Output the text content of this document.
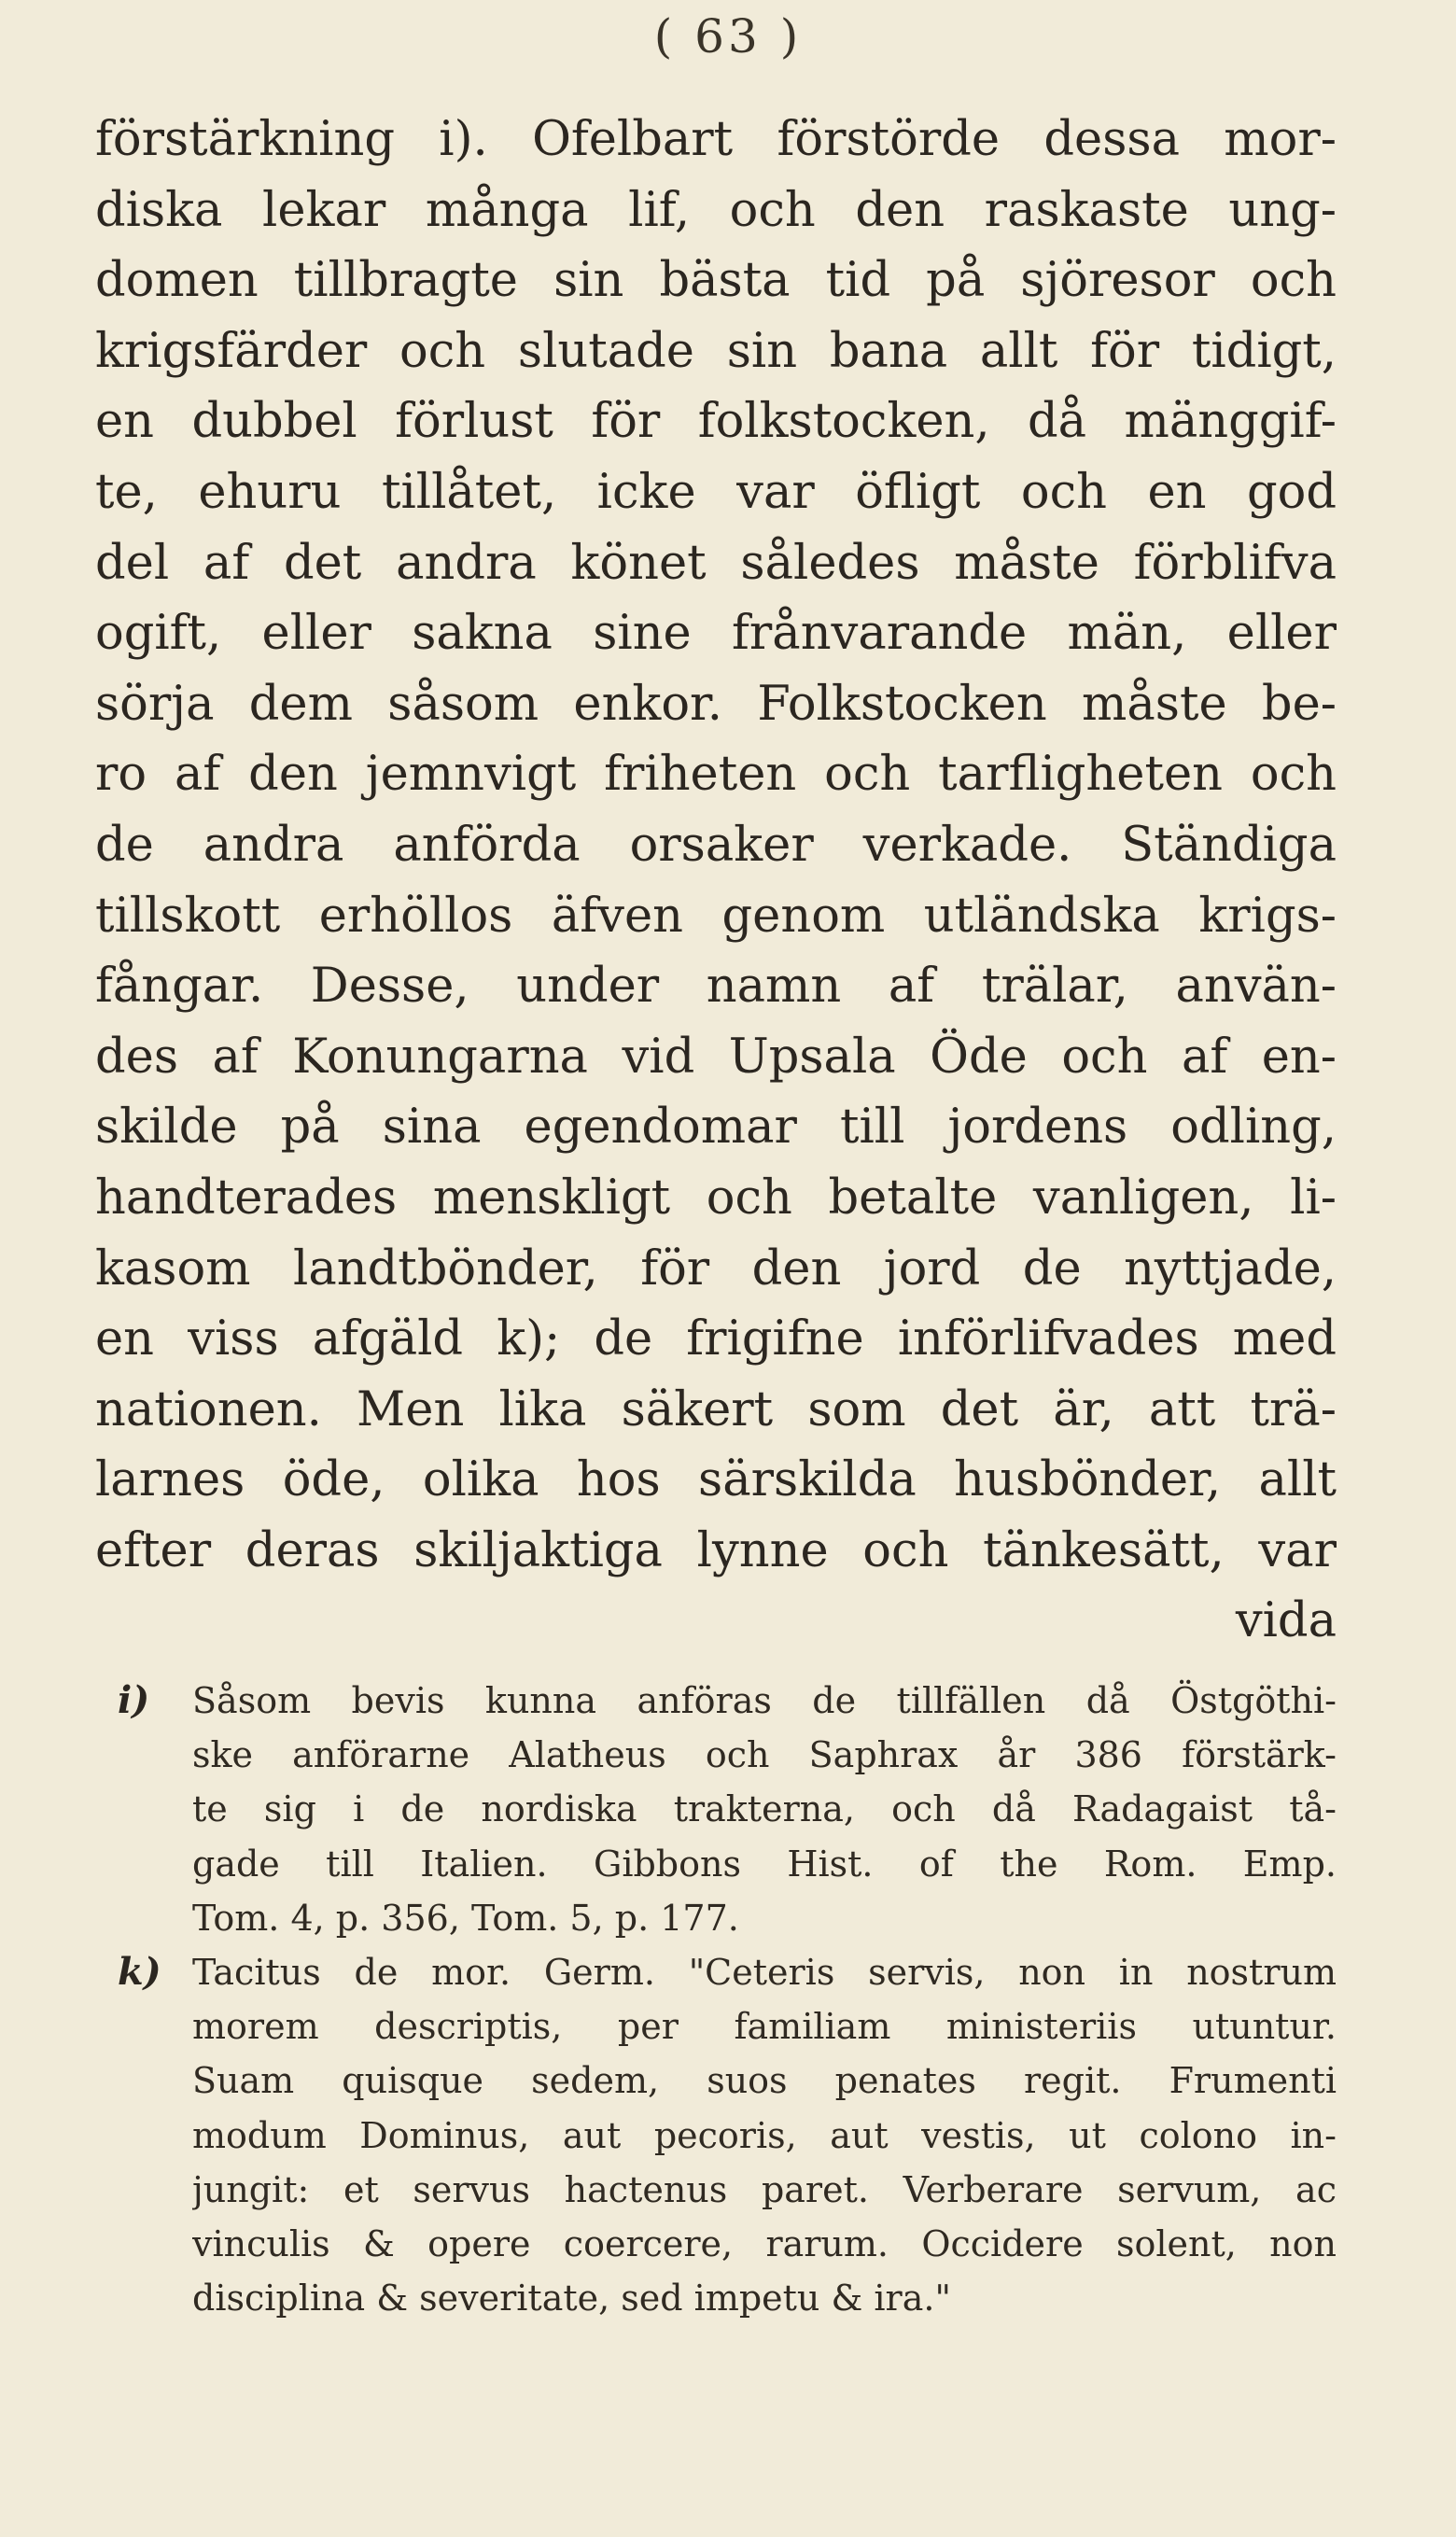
( 63 )
förstärkning i). Ofelbart förstörde dessa mor-
diska lekar många lif, och den raskaste ung-
domen tillbragte sin bästa tid på sjöresor och
krigsfärder och slutade sin bana allt för tidigt,
en dubbel förlust för folkstocken, då mänggif-
te, ehuru tillåtet, icke var öfligt och en god
del af det andra könet således måste förblifva
ogift, eller sakna sine frånvarande män, eller
sörja dem såsom enkor. Folkstocken måste be-
ro af den jemnvigt friheten och tarfligheten och
de andra anförda orsaker verkade. Ständiga
tillskott erhöllos äfven genom utländska krigs-
fångar. Desse, under namn af trälar, använ-
des af Konungarna vid Upsala Öde och af en-
skilde på sina egendomar till jordens odling,
handterades menskligt och betalte vanligen, li-
kasom landtbönder, för den jord de nyttjade,
en viss afgäld k); de frigifne införlifvades med
nationen. Men lika säkert som det är, att trä-
larnes öde, olika hos särskilda husbönder, allt
efter deras skiljaktiga lynne och tänkesätt, var
vida
i) Såsom bevis kunna anföras de tillfällen då Östgöthi-
ske anförarne Alatheus och Saphrax år 386 förstärk-
te sig i de nordiska trakterna, och då Radagaist tå-
gade till Italien. Gibbons Hist. of the Rom. Emp.
Tom. 4, p. 356, Tom. 5, p. 177.
k) Tacitus de mor. Germ. "Ceteris servis, non in nostrum
morem descriptis, per familiam ministeriis utuntur.
Suam quisque sedem, suos penates regit. Frumenti
modum Dominus, aut pecoris, aut vestis, ut colono in-
jungit: et servus hactenus paret. Verberare servum, ac
vinculis & opere coercere, rarum. Occidere solent, non
disciplina & severitate, sed impetu & ira."
